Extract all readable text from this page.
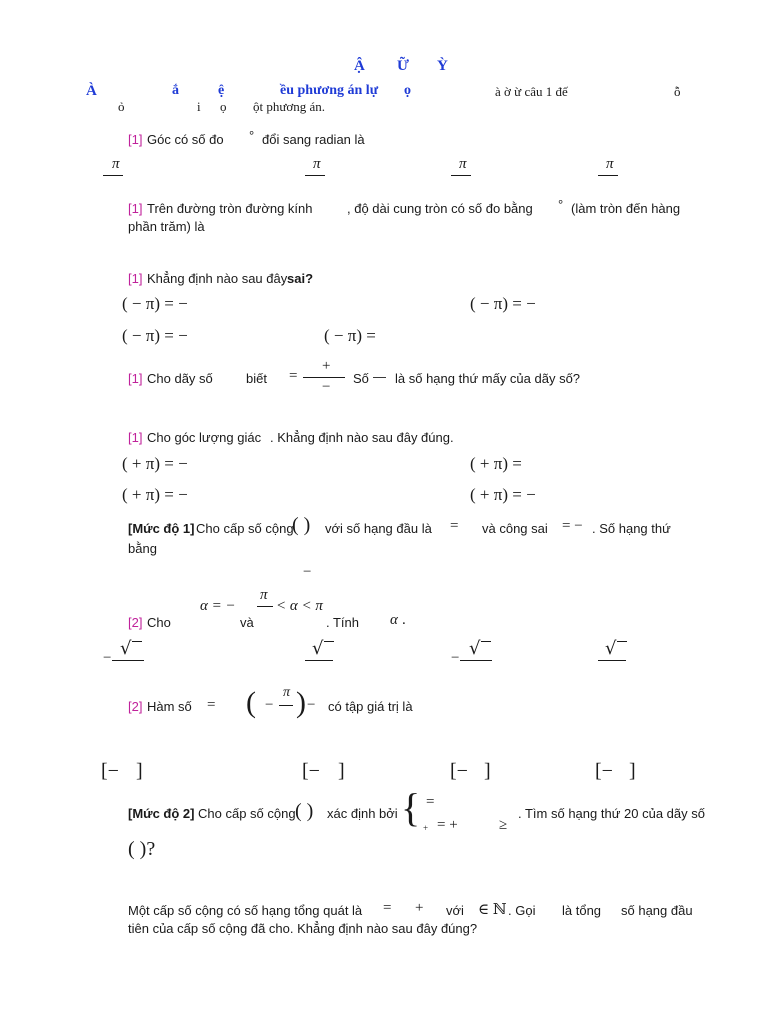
Ậ Ữ Ỳ
À	ắ	ệ	ều phương án lự ọ	à ờ ừ câu 1 đế	ỗ
ỏ	i ọ ột phương án.
[1] Góc có số đo ° đổi sang radian là
π	π	π	π
[1] Trên đường tròn đường kính	, độ dài cung tròn có số đo bằng ° (làm tròn đến hàng
phần trăm) là
[1] Khẳng định nào sau đây sai?
( − π) = −	( − π) = −
( − π) = −	( − π) =
[1] Cho dãy số	biết =
+
−
Số — là số hạng thứ mấy của dãy số?
[1] Cho góc lượng giác . Khẳng định nào sau đây đúng.
( + π) = −	( + π) =
( + π) = −	( + π) = −
[Mức độ 1] Cho cấp số cộng
( ) với số hạng đầu là = và công sai = − . Số hạng thứ
bằng
−
[2] Cho
α = −
và
π
< α < π
. Tính α .
− √	√	− √	√
[2] Hàm số = ( −
π ) − có tập giá trị là
[− ]	[− ]	[− ]	[− ]
[Mức độ 2] Cho cấp số cộng ( ) xác định bởi { =
+ = +	≥
. Tìm số hạng thứ 20 của dãy số
( )?
Một cấp số cộng có số hạng tổng quát là = + với ∈ ℕ . Gọi là tổng số hạng đầu
tiên của cấp số cộng đã cho. Khẳng định nào sau đây đúng?
